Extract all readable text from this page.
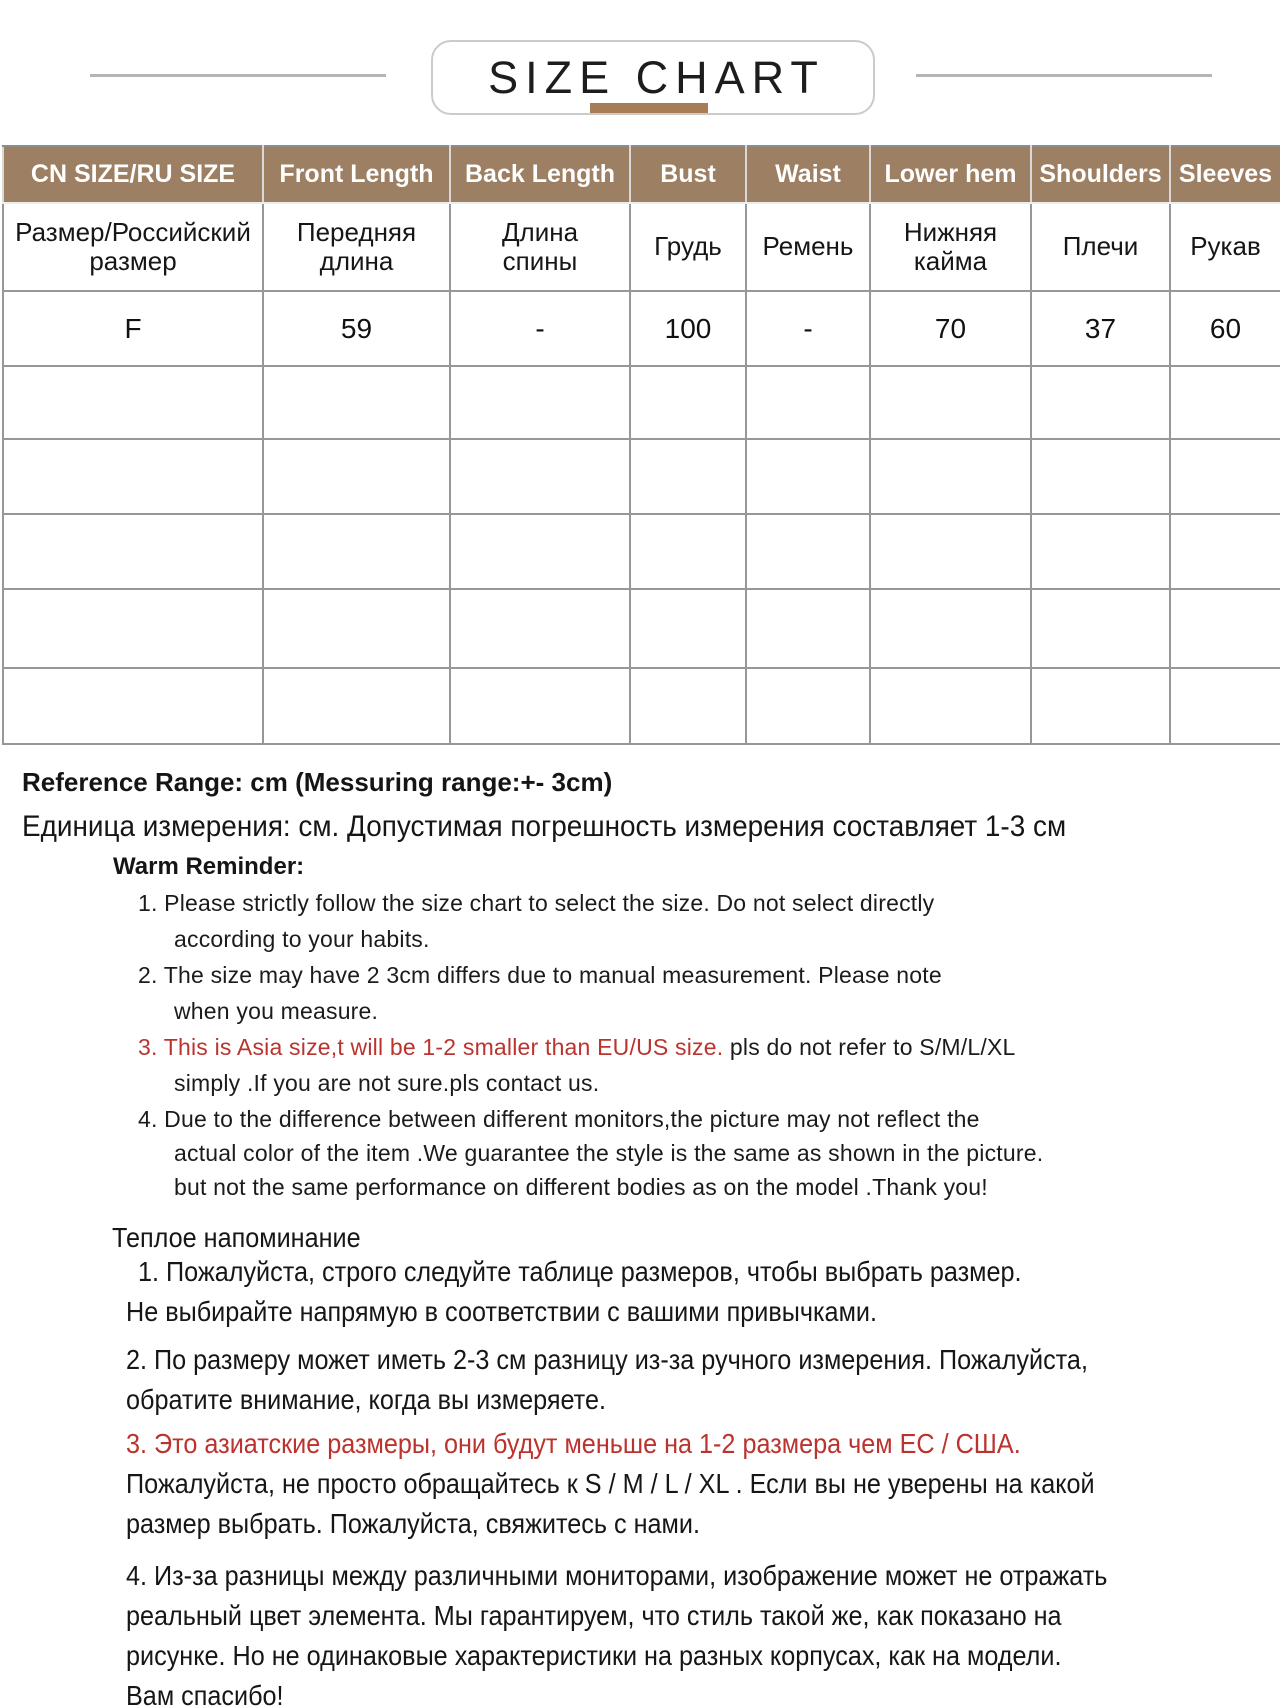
SIZE CHART
CN SIZE/RU SIZE	Front Length	Back Length	Bust	Waist	Lower hem	Shoulders	Sleeves
Размер/Российский размер	Передняя длина	Длина спины	Грудь	Ремень	Нижняя кайма	Плечи	Рукав
F	59	-	100	-	70	37	60

Reference Range: cm (Messuring range:+- 3cm)
Единица измерения: см. Допустимая погрешность измерения составляет 1-3 см
Warm Reminder:
1. Please strictly follow the size chart to select the size. Do not select directly
according to your habits.
2. The size may have 2 3cm differs due to manual measurement. Please note
when you measure.
3. This is Asia size,t will be 1-2 smaller than EU/US size. pls do not refer to S/M/L/XL
simply .If you are not sure.pls contact us.
4. Due to the difference between different monitors,the picture may not reflect the
actual color of the item .We guarantee the style is the same as shown in the picture.
but not the same performance on different bodies as on the model .Thank you!
Теплое напоминание
1. Пожалуйста, строго следуйте таблице размеров, чтобы выбрать размер.
Не выбирайте напрямую в соответствии с вашими привычками.
2. По размеру может иметь 2-3 см разницу из-за ручного измерения. Пожалуйста,
обратите внимание, когда вы измеряете.
3. Это азиатские размеры, они будут меньше на 1-2 размера чем ЕС / США.
Пожалуйста, не просто обращайтесь к S / M / L / XL . Если вы не уверены на какой
размер выбрать. Пожалуйста, свяжитесь с нами.
4. Из-за разницы между различными мониторами, изображение может не отражать
реальный цвет элемента. Мы гарантируем, что стиль такой же, как показано на
рисунке. Но не одинаковые характеристики на разных корпусах, как на модели.
Вам спасибо!
